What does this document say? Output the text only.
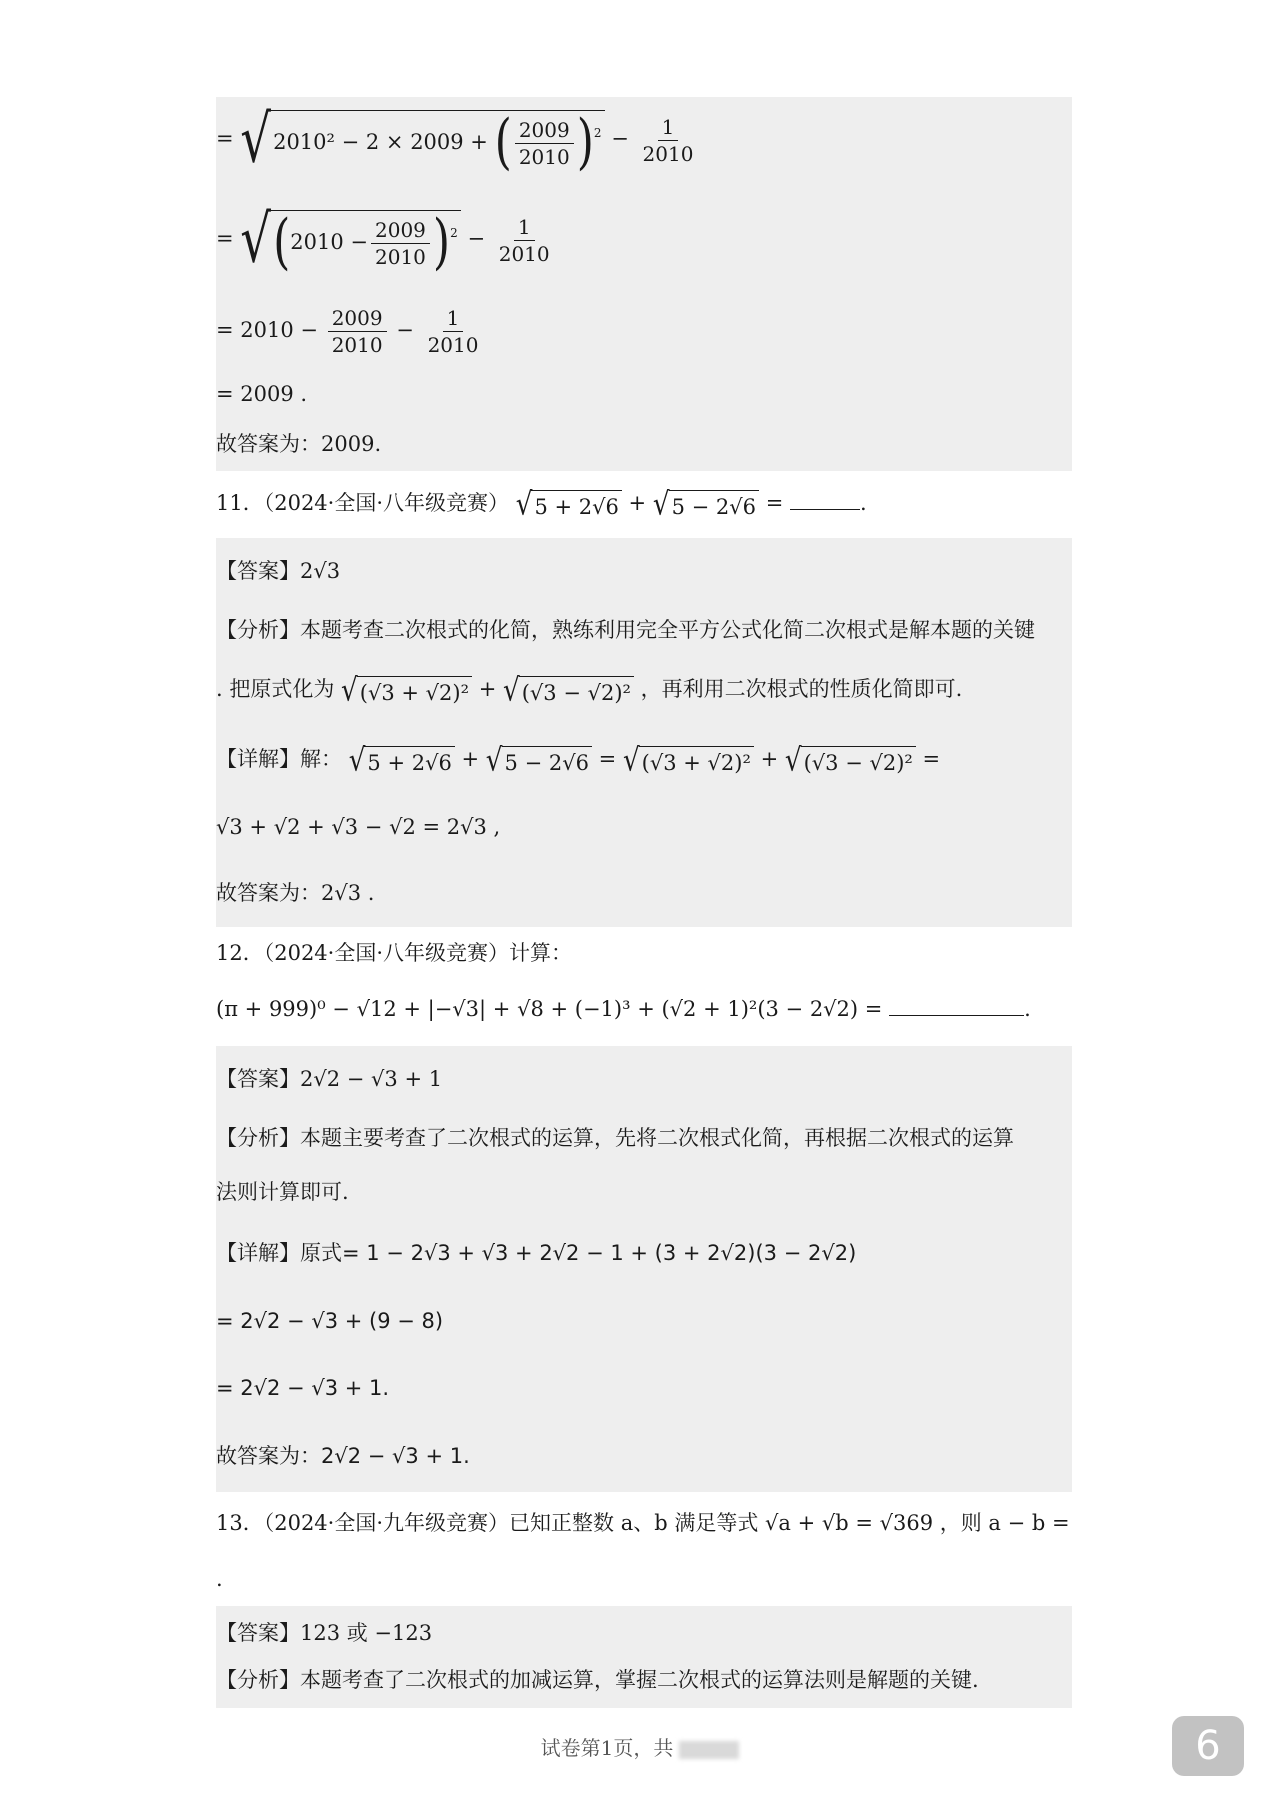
= √2010² − 2 × 2009 + ( $\frac{2009}{2010} )^2 - \frac{1}{2010}$
= $√(2010 - \frac{2009}{2010} )^2 - \frac{1}{2010}$
= $2010 - \frac{2009}{2010} - \frac{1}{2010}$
= 2009 .
故答案为：2009.
11．（2024·全国·八年级竞赛） √5 + 2√6 + √5 − 2√6 =	.
【答案】2√3
【分析】本题考查二次根式的化简，熟练利用完全平方公式化简二次根式是解本题的关键
. 把原式化为 √(√3 + √2)² + √(√3 − √2)² ，再利用二次根式的性质化简即可.
【详解】解： √5 + 2√6 + √5 − 2√6 = √(√3 + √2)² + √(√3 − √2)² =
√3 + √2 + √3 − √2 = 2√3 ,
故答案为：2√3 .
12．（2024·全国·八年级竞赛）计算：
(π + 999)⁰ − √12 + |−√3| + √8 + (−1)³ + (√2 + 1)²(3 − 2√2) =	.
【答案】2√2 − √3 + 1
【分析】本题主要考查了二次根式的运算，先将二次根式化简，再根据二次根式的运算
法则计算即可.
【详解】原式= 1 − 2√3 + √3 + 2√2 − 1 + (3 + 2√2)(3 − 2√2)
= 2√2 − √3 + (9 − 8)
= 2√2 − √3 + 1.
故答案为：2√2 − √3 + 1.
13．（2024·全国·九年级竞赛）已知正整数 a、b 满足等式 √a + √b = √369 ，则 a − b =
.
【答案】123 或 −123
【分析】本题考查了二次根式的加减运算，掌握二次根式的运算法则是解题的关键.
试卷第1页，共	6
